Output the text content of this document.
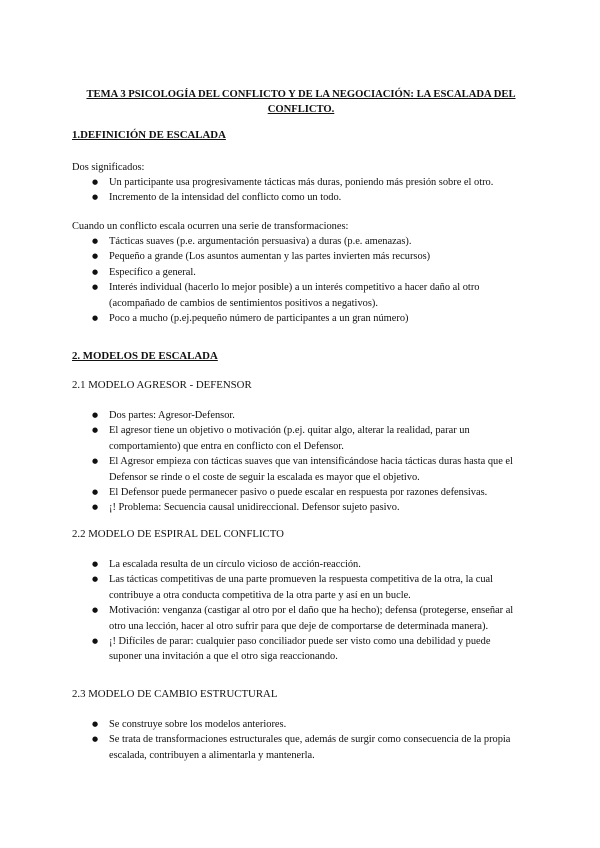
TEMA 3 PSICOLOGÍA DEL CONFLICTO Y DE LA NEGOCIACIÓN: LA ESCALADA DEL CONFLICTO.
1.DEFINICIÓN DE ESCALADA
Dos significados:
● Un participante usa progresivamente tácticas más duras, poniendo más presión sobre el otro.
● Incremento de la intensidad del conflicto como un todo.
Cuando un conflicto escala ocurren una serie de transformaciones:
● Tácticas suaves (p.e. argumentación persuasiva) a duras (p.e. amenazas).
● Pequeño a grande (Los asuntos aumentan y las partes invierten más recursos)
● Específico a general.
● Interés individual (hacerlo lo mejor posible) a un interés competitivo a hacer daño al otro (acompañado de cambios de sentimientos positivos a negativos).
● Poco a mucho (p.ej.pequeño número de participantes a un gran número)
2. MODELOS DE ESCALADA
2.1 MODELO AGRESOR - DEFENSOR
● Dos partes: Agresor-Defensor.
● El agresor tiene un objetivo o motivación (p.ej. quitar algo, alterar la realidad, parar un comportamiento) que entra en conflicto con el Defensor.
● El Agresor empieza con tácticas suaves que van intensificándose hacia tácticas duras hasta que el Defensor se rinde o el coste de seguir la escalada es mayor que el objetivo.
● El Defensor puede permanecer pasivo o puede escalar en respuesta por razones defensivas.
● ¡! Problema: Secuencia causal unidireccional. Defensor sujeto pasivo.
2.2 MODELO DE ESPIRAL DEL CONFLICTO
● La escalada resulta de un círculo vicioso de acción-reacción.
● Las tácticas competitivas de una parte promueven la respuesta competitiva de la otra, la cual contribuye a otra conducta competitiva de la otra parte y así en un bucle.
● Motivación: venganza (castigar al otro por el daño que ha hecho); defensa (protegerse, enseñar al otro una lección, hacer al otro sufrir para que deje de comportarse de determinada manera).
● ¡! Difíciles de parar: cualquier paso conciliador puede ser visto como una debilidad y puede suponer una invitación a que el otro siga reaccionando.
2.3 MODELO DE CAMBIO ESTRUCTURAL
● Se construye sobre los modelos anteriores.
● Se trata de transformaciones estructurales que, además de surgir como consecuencia de la propia escalada, contribuyen a alimentarla y mantenerla.
